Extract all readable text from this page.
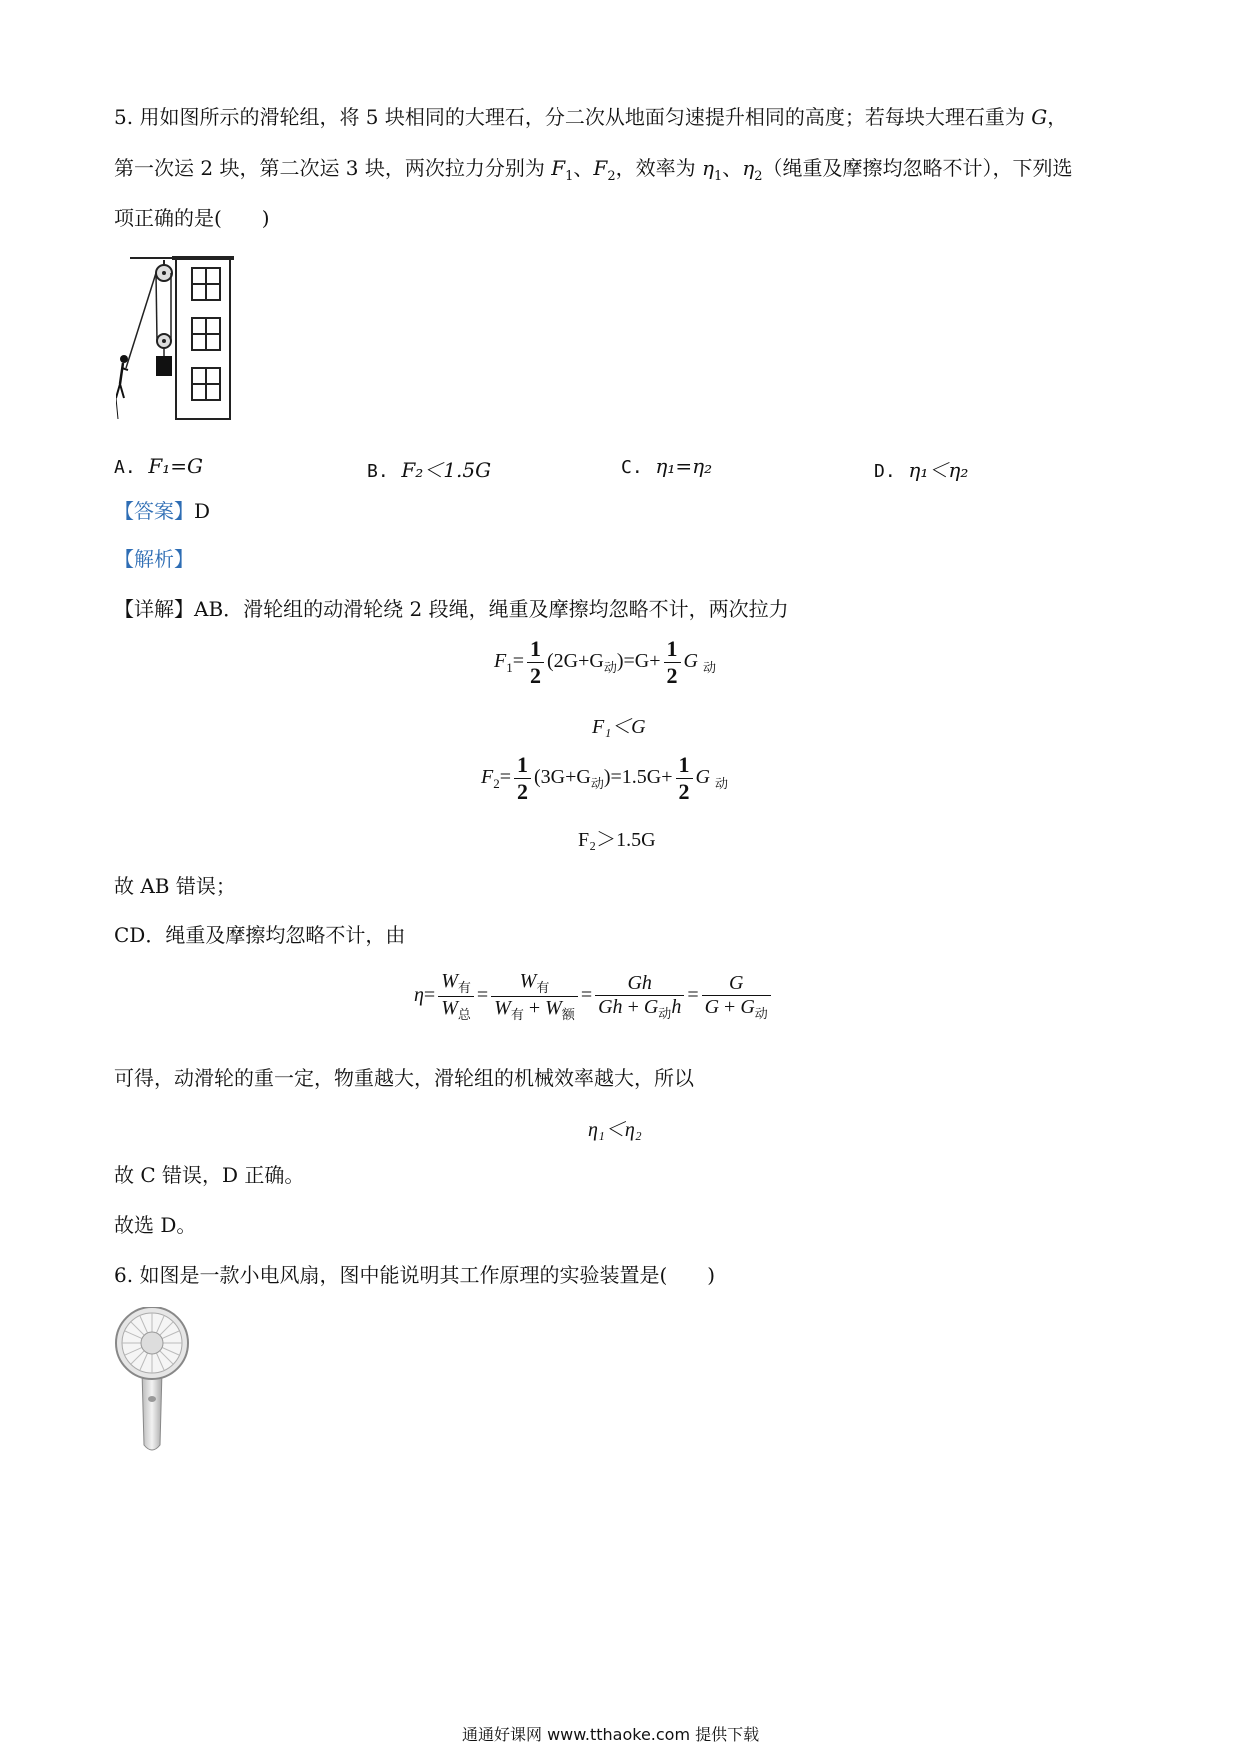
5. 用如图所示的滑轮组，将 5 块相同的大理石，分二次从地面匀速提升相同的高度；若每块大理石重为 G，
第一次运 2 块，第二次运 3 块，两次拉力分别为 $F_1$、$F_2$，效率为 $\eta_1$、$\eta_2$（绳重及摩擦均忽略不计），下列选
项正确的是(　　)
A. F₁=G	B. F₂＜1.5G	C. η₁=η₂	D. η₁＜η₂
【答案】D
【解析】
【详解】AB．滑轮组的动滑轮绕 2 段绳，绳重及摩擦均忽略不计，两次拉力
$F_1= \frac{1}{2} (2G+G_动)=G+ \frac{1}{2}$ G $_动$
F₁＜G
$F_2= \frac{1}{2} (3G+G_动)=1.5G+ \frac{1}{2}$ G $_动$
F₂＞1.5G
故 AB 错误；
CD．绳重及摩擦均忽略不计，由
$\eta= \frac{W_有}{W_总} = \frac{W_有}{W_有 + W_额} = \frac{Gh}{Gh + G_动h} = \frac{G}{G + G_动}$
可得，动滑轮的重一定，物重越大，滑轮组的机械效率越大，所以
η₁＜η₂
故 C 错误，D 正确。
故选 D。
6. 如图是一款小电风扇，图中能说明其工作原理的实验装置是(　　)
通通好课网 www.tthaoke.com 提供下载
